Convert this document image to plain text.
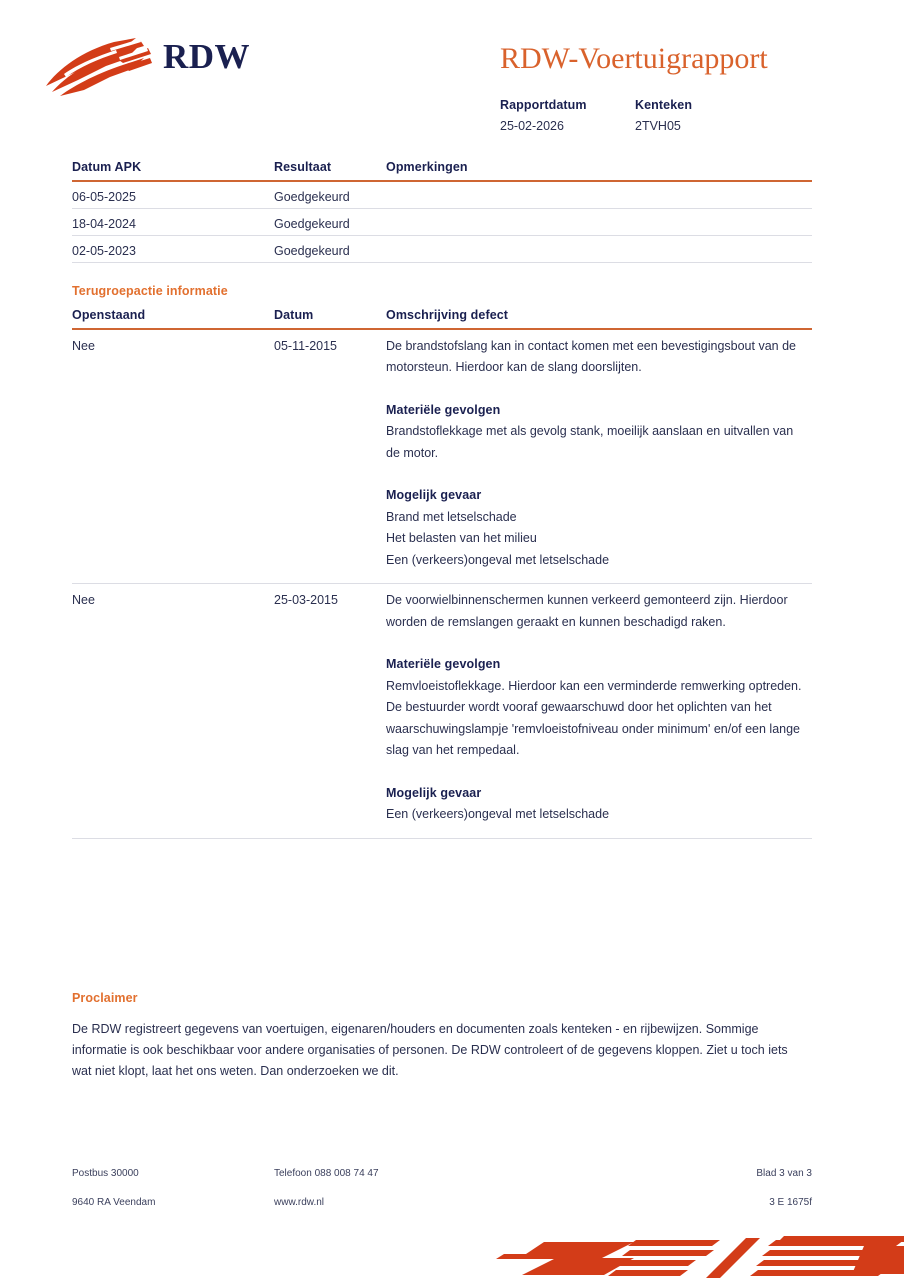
RDW	RDW-Voertuigrapport
Rapportdatum
25-02-2026
Kenteken
2TVH05
Datum APK	Resultaat	Opmerkingen
06-05-2025	Goedgekeurd
18-04-2024	Goedgekeurd
02-05-2023	Goedgekeurd
Terugroepactie informatie
Openstaand	Datum	Omschrijving defect
Nee	05-11-2015	De brandstofslang kan in contact komen met een bevestigingsbout van de motorsteun. Hierdoor kan de slang doorslijten.
Materiële gevolgen
Brandstoflekkage met als gevolg stank, moeilijk aanslaan en uitvallen van de motor.
Mogelijk gevaar
Brand met letselschade
Het belasten van het milieu
Een (verkeers)ongeval met letselschade
Nee	25-03-2015	De voorwielbinnenschermen kunnen verkeerd gemonteerd zijn. Hierdoor worden de remslangen geraakt en kunnen beschadigd raken.
Materiële gevolgen
Remvloeistoflekkage. Hierdoor kan een verminderde remwerking optreden. De bestuurder wordt vooraf gewaarschuwd door het oplichten van het waarschuwingslampje 'remvloeistofniveau onder minimum' en/of een lange slag van het rempedaal.
Mogelijk gevaar
Een (verkeers)ongeval met letselschade
Proclaimer
De RDW registreert gegevens van voertuigen, eigenaren/houders en documenten zoals kenteken - en rijbewijzen. Sommige informatie is ook beschikbaar voor andere organisaties of personen. De RDW controleert of de gegevens kloppen. Ziet u toch iets wat niet klopt, laat het ons weten. Dan onderzoeken we dit.
Postbus 30000	Telefoon 088 008 74 47	Blad 3 van 3
9640 RA Veendam	www.rdw.nl	3 E 1675f
